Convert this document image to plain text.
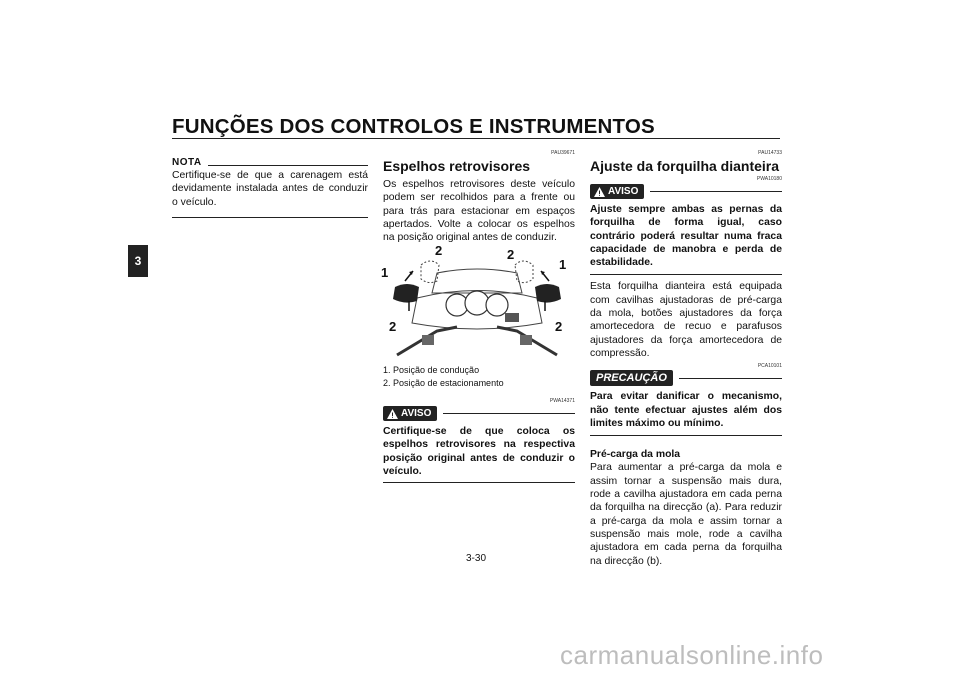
FUNÇÕES DOS CONTROLOS E INSTRUMENTOS
3
NOTA
Certifique-se de que a carenagem está devidamente instalada antes de conduzir o veículo.
PAU39671
Espelhos retrovisores
Os espelhos retrovisores deste veículo podem ser recolhidos para a frente ou para trás para estacionar em espaços apertados. Volte a colocar os espelhos na posição original antes de conduzir.
1
2	2
1
2	2
1. Posição de condução
2. Posição de estacionamento
PWA14371
AVISO
Certifique-se de que coloca os espelhos retrovisores na respectiva posição original antes de conduzir o veículo.
PAU14733
Ajuste da forquilha dianteira
PWA10180
AVISO
Ajuste sempre ambas as pernas da forquilha de forma igual, caso contrário poderá resultar numa fraca capacidade de manobra e perda de estabilidade.
Esta forquilha dianteira está equipada com cavilhas ajustadoras de pré-carga da mola, botões ajustadores da força amortecedora de recuo e parafusos ajustadores da força amortecedora de compressão.
PCA10101
PRECAUÇÃO
Para evitar danificar o mecanismo, não tente efectuar ajustes além dos limites máximo ou mínimo.
Pré-carga da mola
Para aumentar a pré-carga da mola e assim tornar a suspensão mais dura, rode a cavilha ajustadora em cada perna da forquilha na direcção (a). Para reduzir a pré-carga da mola e assim tornar a suspensão mais mole, rode a cavilha ajustadora em cada perna da forquilha na direcção (b).
3-30
carmanualsonline.info
